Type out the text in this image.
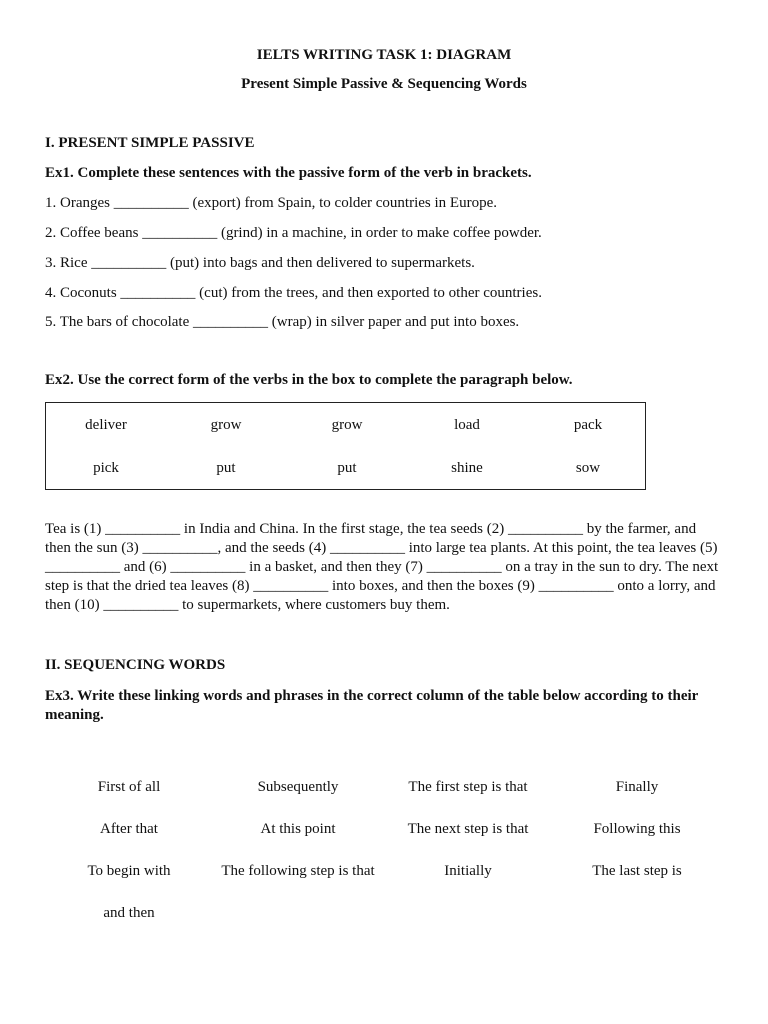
IELTS WRITING TASK 1: DIAGRAM
Present Simple Passive & Sequencing Words
I. PRESENT SIMPLE PASSIVE
Ex1. Complete these sentences with the passive form of the verb in brackets.
1. Oranges __________ (export) from Spain, to colder countries in Europe.
2. Coffee beans __________ (grind) in a machine, in order to make coffee powder.
3. Rice __________ (put) into bags and then delivered to supermarkets.
4. Coconuts __________ (cut) from the trees, and then exported to other countries.
5. The bars of chocolate __________ (wrap) in silver paper and put into boxes.
Ex2. Use the correct form of the verbs in the box to complete the paragraph below.
deliver	grow	grow	load	pack
pick	put	put	shine	sow
Tea is (1) __________ in India and China. In the first stage, the tea seeds (2) __________ by the farmer, and then the sun (3) __________, and the seeds (4) __________ into large tea plants. At this point, the tea leaves (5) __________ and (6) __________ in a basket, and then they (7) __________ on a tray in the sun to dry. The next step is that the dried tea leaves (8) __________ into boxes, and then the boxes (9) __________ onto a lorry, and then (10) __________ to supermarkets, where customers buy them.
II. SEQUENCING WORDS
Ex3. Write these linking words and phrases in the correct column of the table below according to their meaning.
First of all	Subsequently	The first step is that	Finally
After that	At this point	The next step is that	Following this
To begin with	The following step is that	Initially	The last step is
and then
